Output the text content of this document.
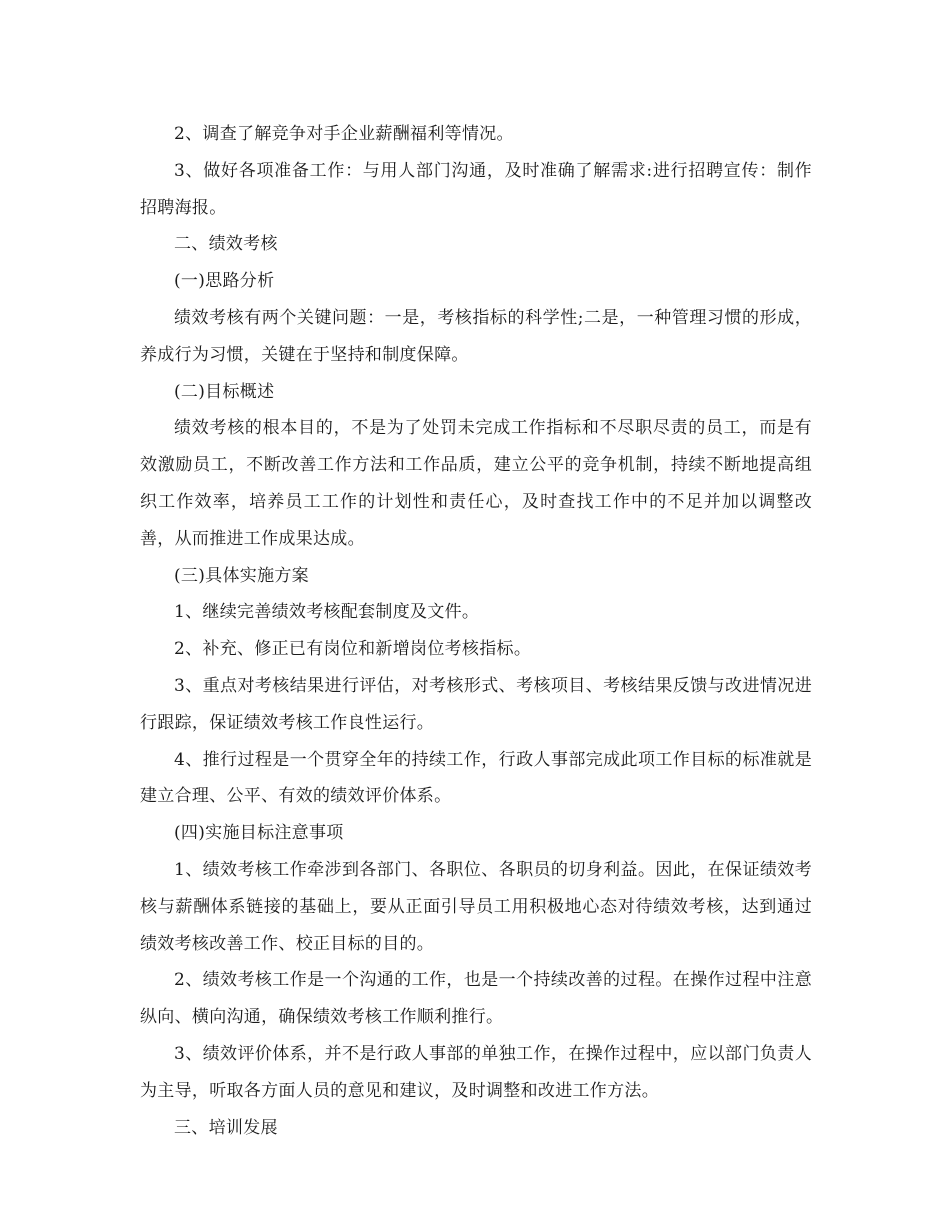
2、调查了解竞争对手企业薪酬福利等情况。

3、做好各项准备工作：与用人部门沟通，及时准确了解需求:进行招聘宣传：制作招聘海报。

二、绩效考核

(一)思路分析

绩效考核有两个关键问题：一是，考核指标的科学性;二是，一种管理习惯的形成，养成行为习惯，关键在于坚持和制度保障。

(二)目标概述

绩效考核的根本目的，不是为了处罚未完成工作指标和不尽职尽责的员工，而是有效激励员工，不断改善工作方法和工作品质，建立公平的竞争机制，持续不断地提高组织工作效率，培养员工工作的计划性和责任心，及时查找工作中的不足并加以调整改善，从而推进工作成果达成。

(三)具体实施方案

1、继续完善绩效考核配套制度及文件。

2、补充、修正已有岗位和新增岗位考核指标。

3、重点对考核结果进行评估，对考核形式、考核项目、考核结果反馈与改进情况进行跟踪，保证绩效考核工作良性运行。

4、推行过程是一个贯穿全年的持续工作，行政人事部完成此项工作目标的标准就是建立合理、公平、有效的绩效评价体系。

(四)实施目标注意事项

1、绩效考核工作牵涉到各部门、各职位、各职员的切身利益。因此，在保证绩效考核与薪酬体系链接的基础上，要从正面引导员工用积极地心态对待绩效考核，达到通过绩效考核改善工作、校正目标的目的。

2、绩效考核工作是一个沟通的工作，也是一个持续改善的过程。在操作过程中注意纵向、横向沟通，确保绩效考核工作顺利推行。

3、绩效评价体系，并不是行政人事部的单独工作，在操作过程中，应以部门负责人为主导，听取各方面人员的意见和建议，及时调整和改进工作方法。

三、培训发展
